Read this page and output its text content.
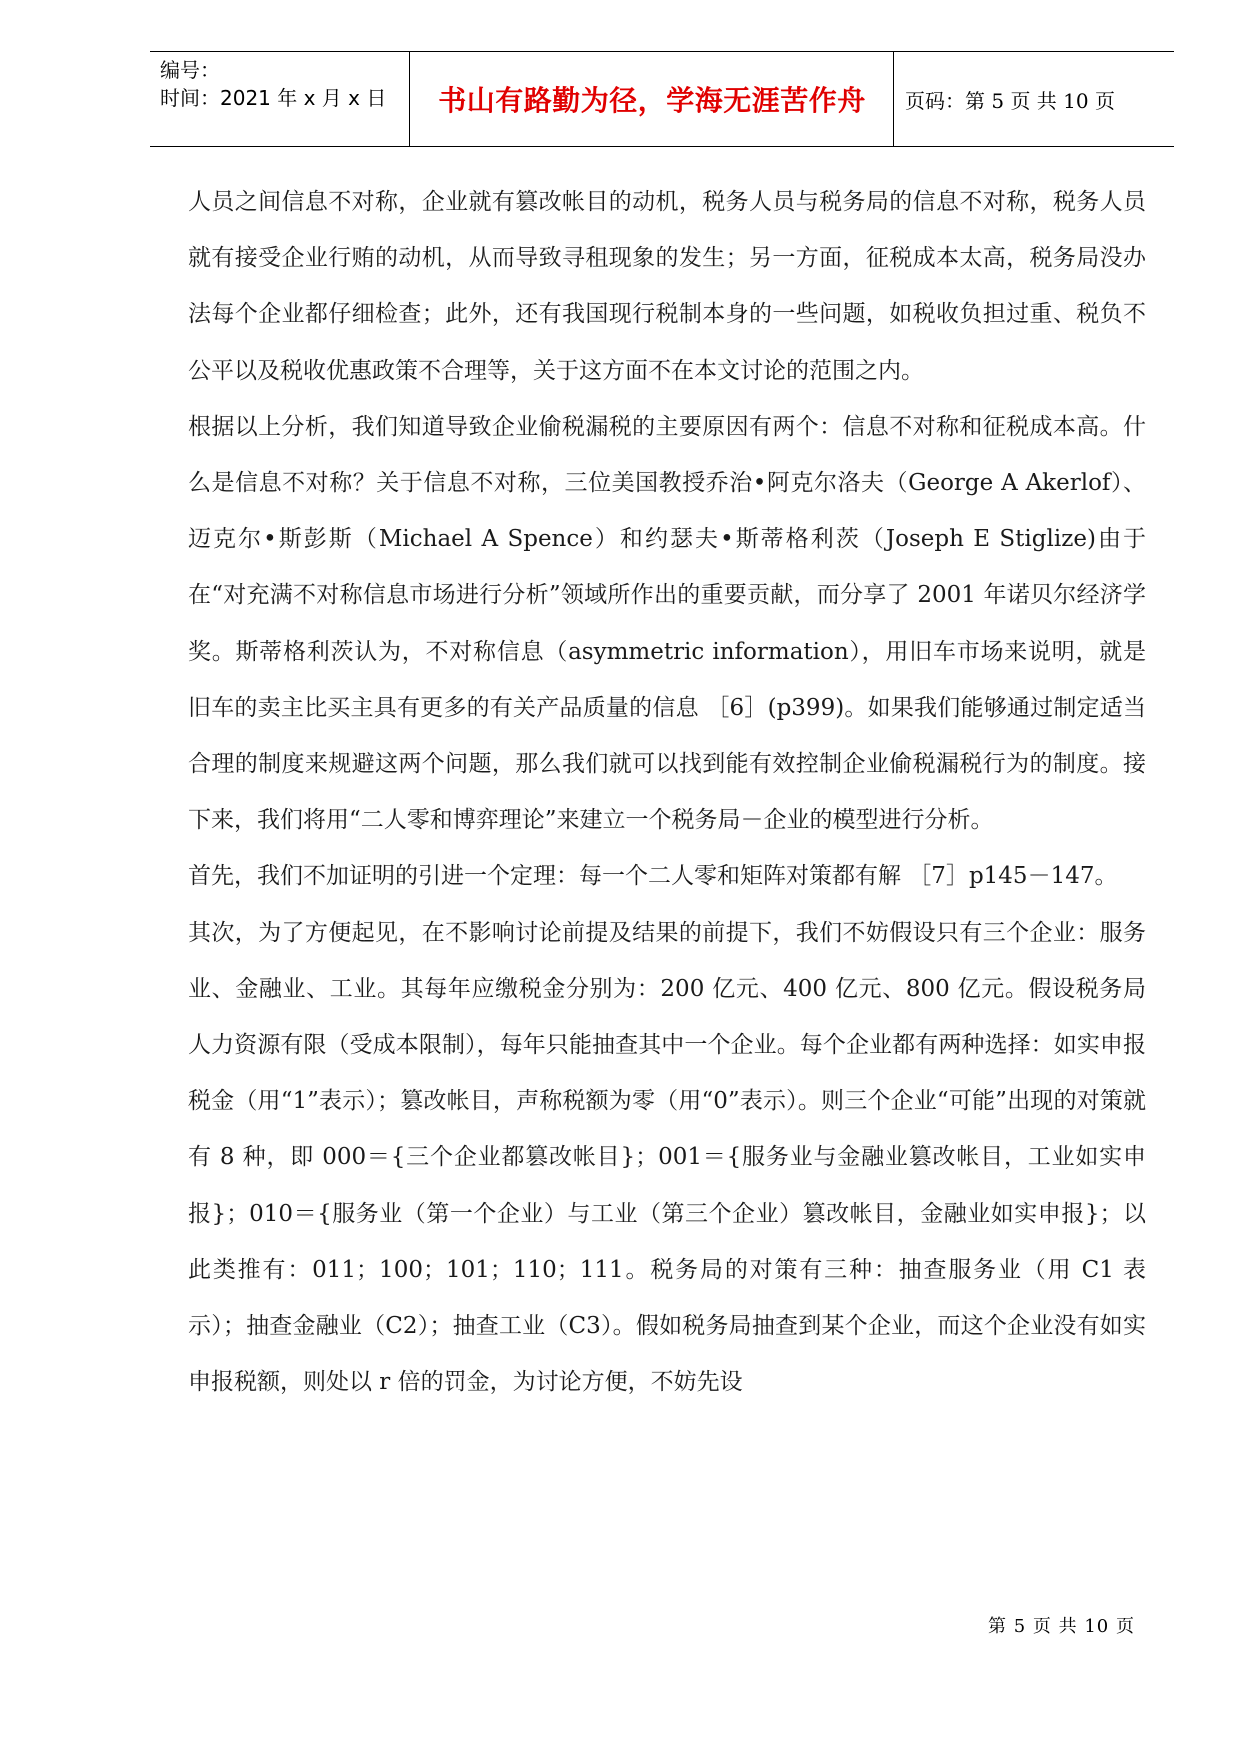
编号：
时间：2021 年 x 月 x 日	书山有路勤为径，学海无涯苦作舟	页码：第 5 页 共 10 页

人员之间信息不对称，企业就有篡改帐目的动机，税务人员与税务局的信息不对称，税务人员就有接受企业行贿的动机，从而导致寻租现象的发生；另一方面，征税成本太高，税务局没办法每个企业都仔细检查；此外，还有我国现行税制本身的一些问题，如税收负担过重、税负不公平以及税收优惠政策不合理等，关于这方面不在本文讨论的范围之内。

根据以上分析，我们知道导致企业偷税漏税的主要原因有两个：信息不对称和征税成本高。什么是信息不对称？关于信息不对称，三位美国教授乔治•阿克尔洛夫（George A Akerlof）、迈克尔•斯彭斯（Michael A Spence）和约瑟夫•斯蒂格利茨（Joseph E Stiglize)由于在“对充满不对称信息市场进行分析”领域所作出的重要贡献，而分享了 2001 年诺贝尔经济学奖。斯蒂格利茨认为，不对称信息（asymmetric information），用旧车市场来说明，就是旧车的卖主比买主具有更多的有关产品质量的信息 ［6］(p399)。如果我们能够通过制定适当合理的制度来规避这两个问题，那么我们就可以找到能有效控制企业偷税漏税行为的制度。接下来，我们将用“二人零和博弈理论”来建立一个税务局－企业的模型进行分析。

首先，我们不加证明的引进一个定理：每一个二人零和矩阵对策都有解 ［7］p145－147。

其次，为了方便起见，在不影响讨论前提及结果的前提下，我们不妨假设只有三个企业：服务业、金融业、工业。其每年应缴税金分别为：200 亿元、400 亿元、800 亿元。假设税务局人力资源有限（受成本限制），每年只能抽查其中一个企业。每个企业都有两种选择：如实申报税金（用“1”表示）；篡改帐目，声称税额为零（用“0”表示）。则三个企业“可能”出现的对策就有 8 种，即 000＝{三个企业都篡改帐目}；001＝{服务业与金融业篡改帐目，工业如实申报}；010＝{服务业（第一个企业）与工业（第三个企业）篡改帐目，金融业如实申报}；以此类推有：011；100；101；110；111。税务局的对策有三种：抽查服务业（用 C1 表示）；抽查金融业（C2）；抽查工业（C3）。假如税务局抽查到某个企业，而这个企业没有如实申报税额，则处以 r 倍的罚金，为讨论方便，不妨先设

第 5 页 共 10 页
